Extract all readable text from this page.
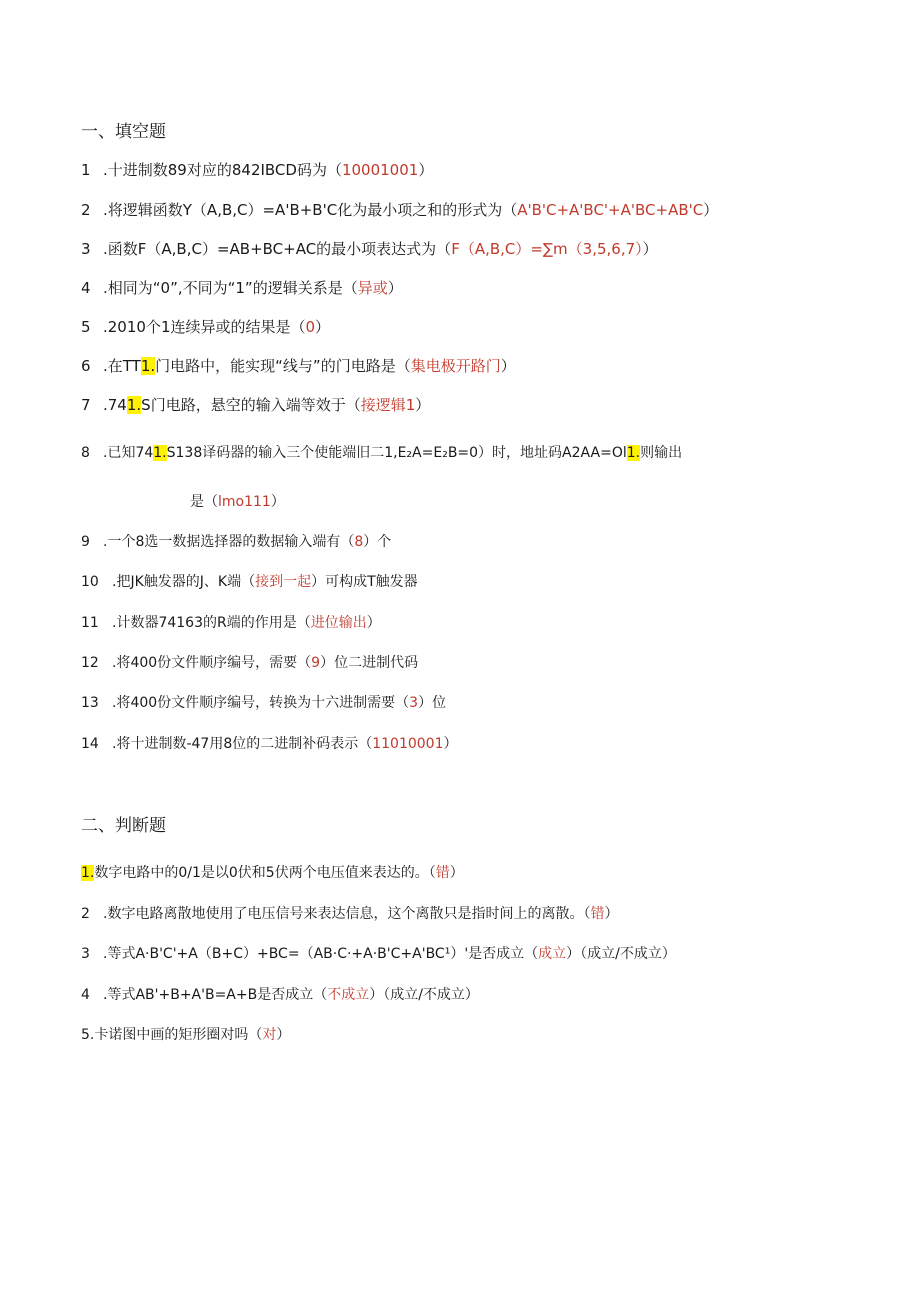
一、填空题
1 .十进制数89对应的842IBCD码为（10001001）
2 .将逻辑函数Y（A,B,C）=A'B+B'C化为最小项之和的形式为（A'B'C+A'BC'+A'BC+AB'C）
3 .函数F（A,B,C）=AB+BC+AC的最小项表达式为（F（A,B,C）=∑m（3,5,6,7））
4 .相同为“0”,不同为“1”的逻辑关系是（异或）
5 .2010个1连续异或的结果是（0）
6 .在TT1.门电路中，能实现“线与”的门电路是（集电极开路门）
7 .741.S门电路，悬空的输入端等效于（接逻辑1）
8 .已知741.S138译码器的输入三个使能端旧二1,E₂A=E₂B=0）时，地址码A2AA=Ol1.则输出
是（lmo111）
9 .一个8选一数据选择器的数据输入端有（8）个
10 .把JK触发器的J、K端（接到一起）可构成T触发器
11 .计数器74163的R端的作用是（进位输出）
12 .将400份文件顺序编号，需要（9）位二进制代码
13 .将400份文件顺序编号，转换为十六进制需要（3）位
14 .将十进制数-47用8位的二进制补码表示（11010001）
二、判断题
1.数字电路中的0/1是以0伏和5伏两个电压值来表达的。（错）
2 .数字电路离散地使用了电压信号来表达信息，这个离散只是指时间上的离散。（错）
3 .等式A·B'C'+A（B+C）+BC=（AB·C·+A·B'C+A'BC¹）'是否成立（成立）（成立/不成立）
4 .等式AB'+B+A'B=A+B是否成立（不成立）（成立/不成立）
5.卡诺图中画的矩形圈对吗（对）
